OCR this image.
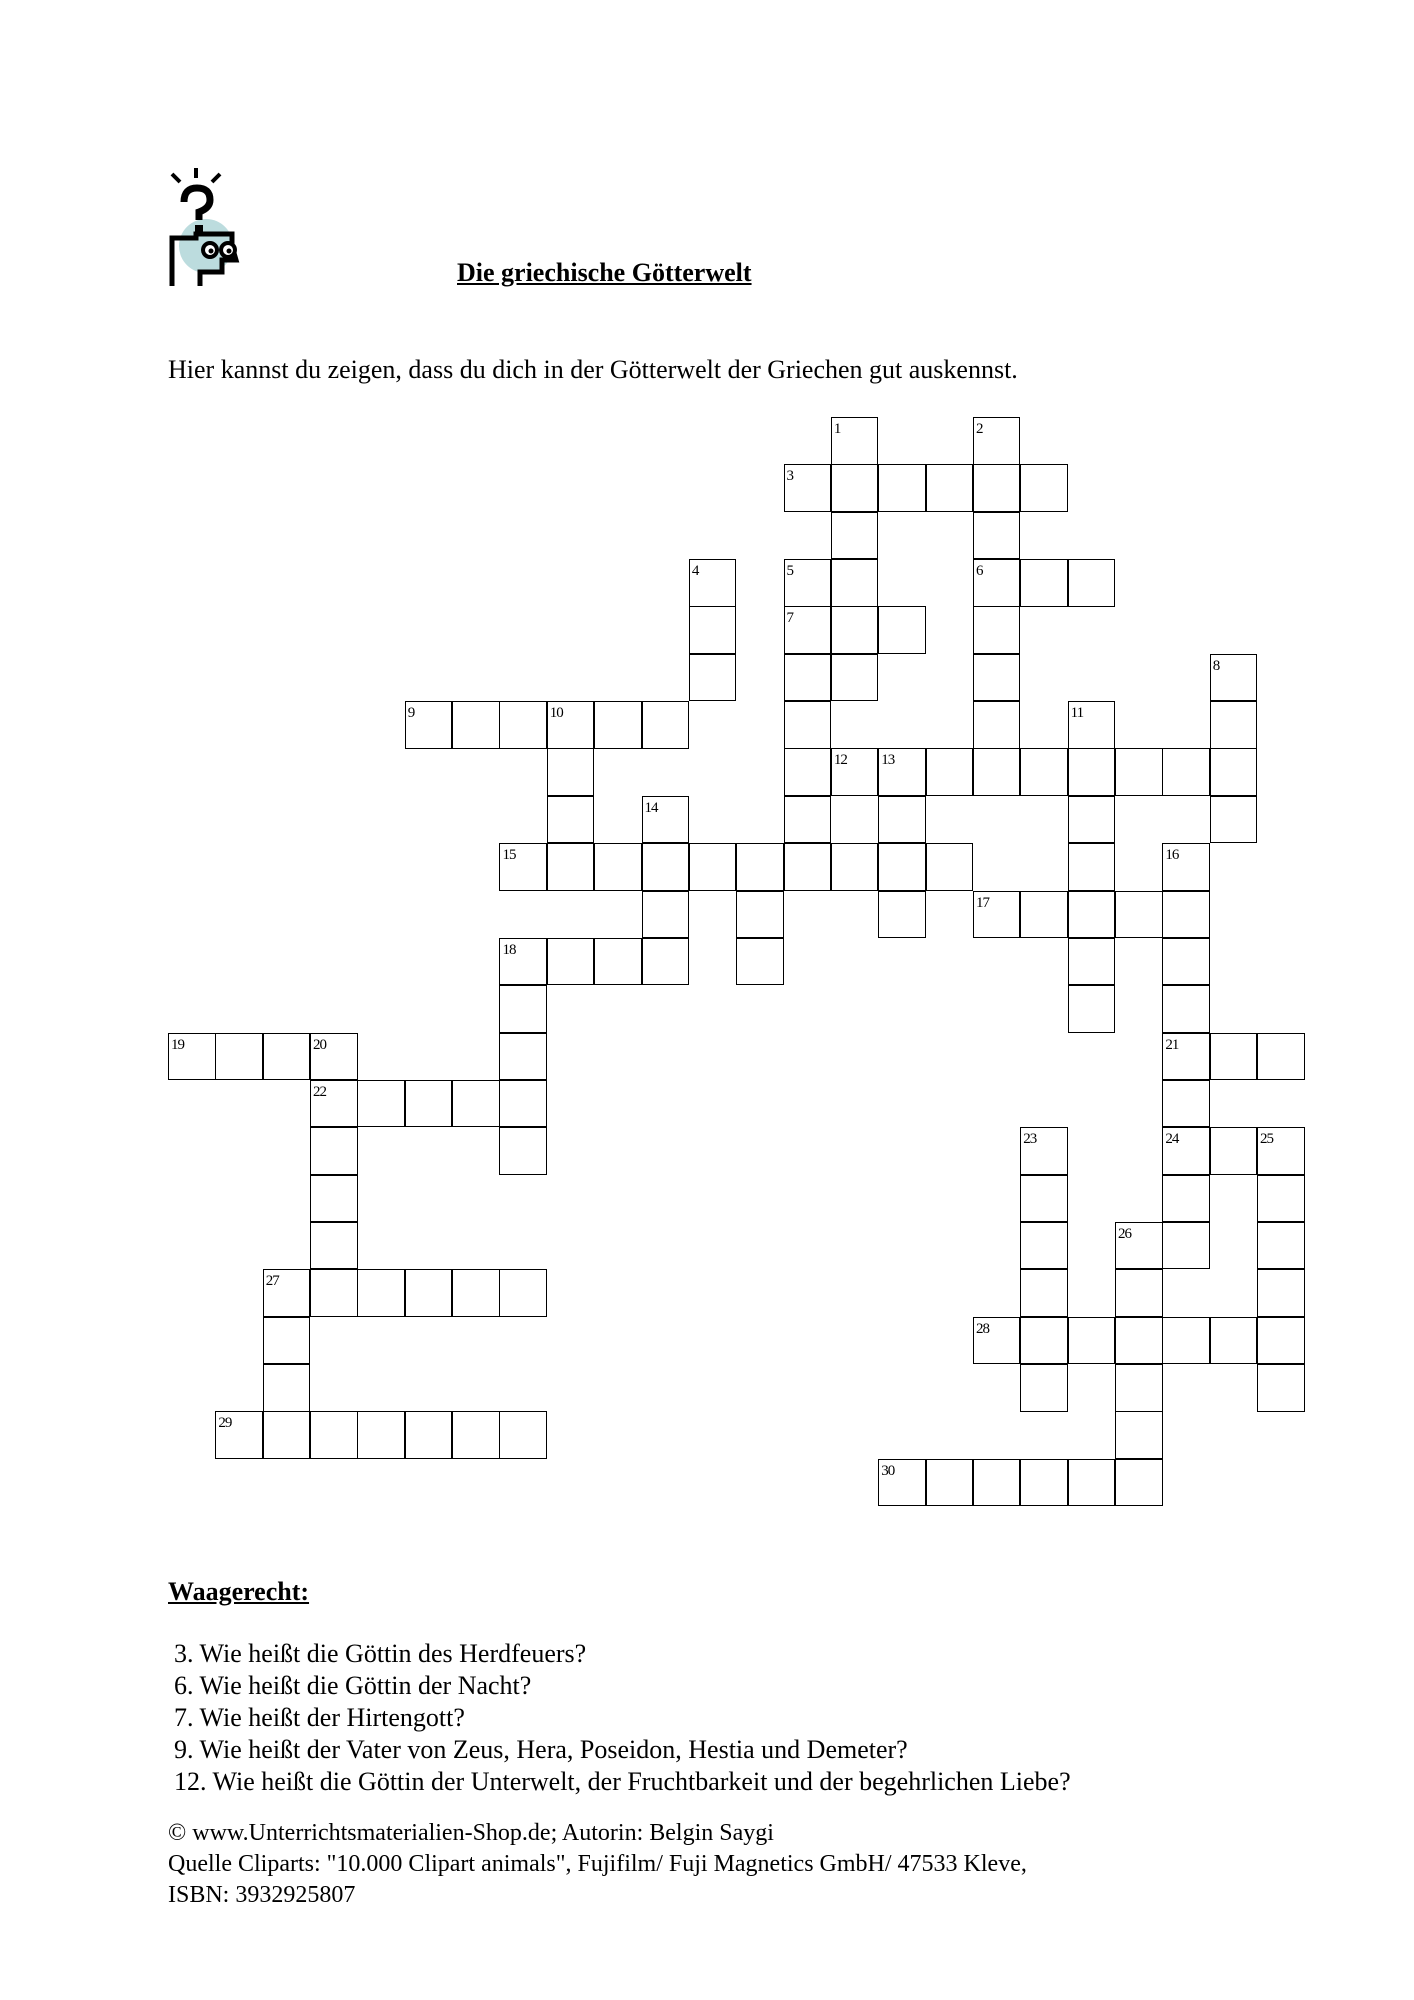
Die griechische Götterwelt
Hier kannst du zeigen, dass du dich in der Götterwelt der Griechen gut auskennst.
1	2
3
4	5	6
7
8
9	10	11
12 13
14
15	16
17
18
19	20	21
22
23	24	25
26
27
28
29
30
Waagerecht:
3. Wie heißt die Göttin des Herdfeuers?
6. Wie heißt die Göttin der Nacht?
7. Wie heißt der Hirtengott?
9. Wie heißt der Vater von Zeus, Hera, Poseidon, Hestia und Demeter?
12. Wie heißt die Göttin der Unterwelt, der Fruchtbarkeit und der begehrlichen Liebe?
© www.Unterrichtsmaterialien-Shop.de; Autorin: Belgin Saygi
Quelle Cliparts: "10.000 Clipart animals", Fujifilm/ Fuji Magnetics GmbH/ 47533 Kleve,
ISBN: 3932925807
